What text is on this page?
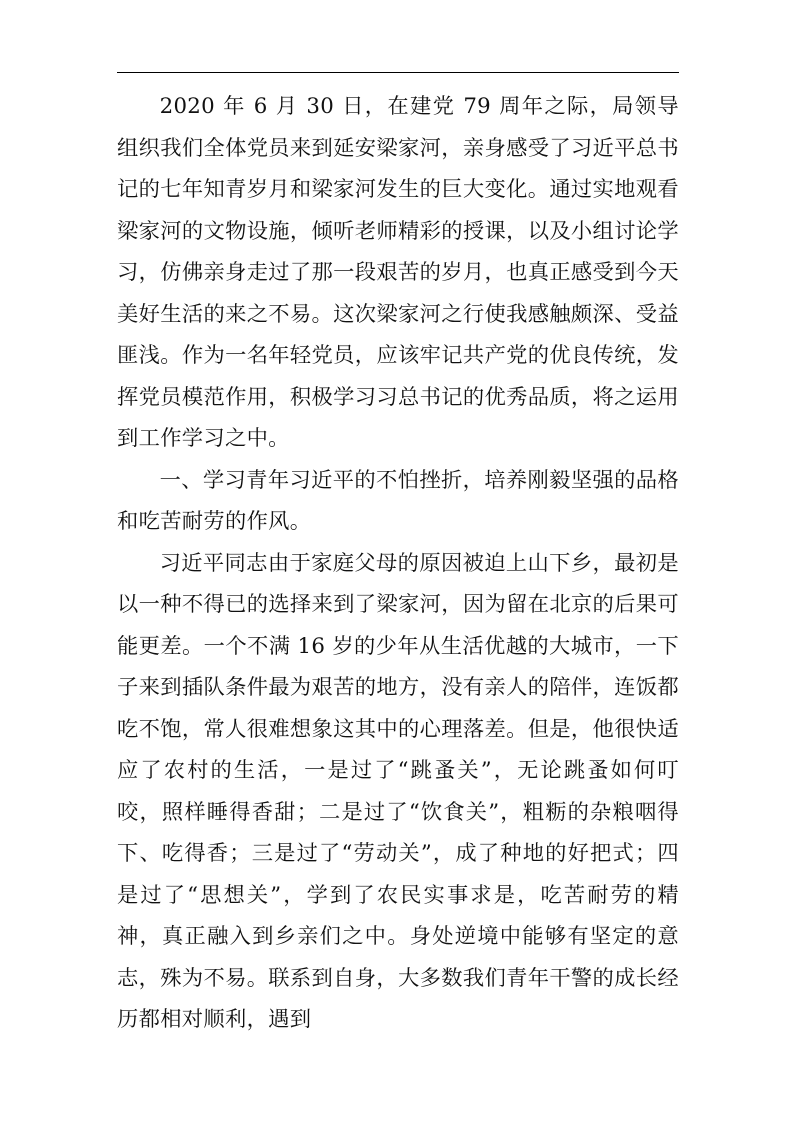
2020 年 6 月 30 日，在建党 79 周年之际，局领导组织我们全体党员来到延安梁家河，亲身感受了习近平总书记的七年知青岁月和梁家河发生的巨大变化。通过实地观看梁家河的文物设施，倾听老师精彩的授课，以及小组讨论学习，仿佛亲身走过了那一段艰苦的岁月，也真正感受到今天美好生活的来之不易。这次梁家河之行使我感触颇深、受益匪浅。作为一名年轻党员，应该牢记共产党的优良传统，发挥党员模范作用，积极学习习总书记的优秀品质，将之运用到工作学习之中。

一、学习青年习近平的不怕挫折，培养刚毅坚强的品格和吃苦耐劳的作风。

习近平同志由于家庭父母的原因被迫上山下乡，最初是以一种不得已的选择来到了梁家河，因为留在北京的后果可能更差。一个不满 16 岁的少年从生活优越的大城市，一下子来到插队条件最为艰苦的地方，没有亲人的陪伴，连饭都吃不饱，常人很难想象这其中的心理落差。但是，他很快适应了农村的生活，一是过了“跳蚤关”，无论跳蚤如何叮咬，照样睡得香甜；二是过了“饮食关”，粗粝的杂粮咽得下、吃得香；三是过了“劳动关”，成了种地的好把式；四是过了“思想关”，学到了农民实事求是，吃苦耐劳的精神，真正融入到乡亲们之中。身处逆境中能够有坚定的意志，殊为不易。联系到自身，大多数我们青年干警的成长经历都相对顺利，遇到
